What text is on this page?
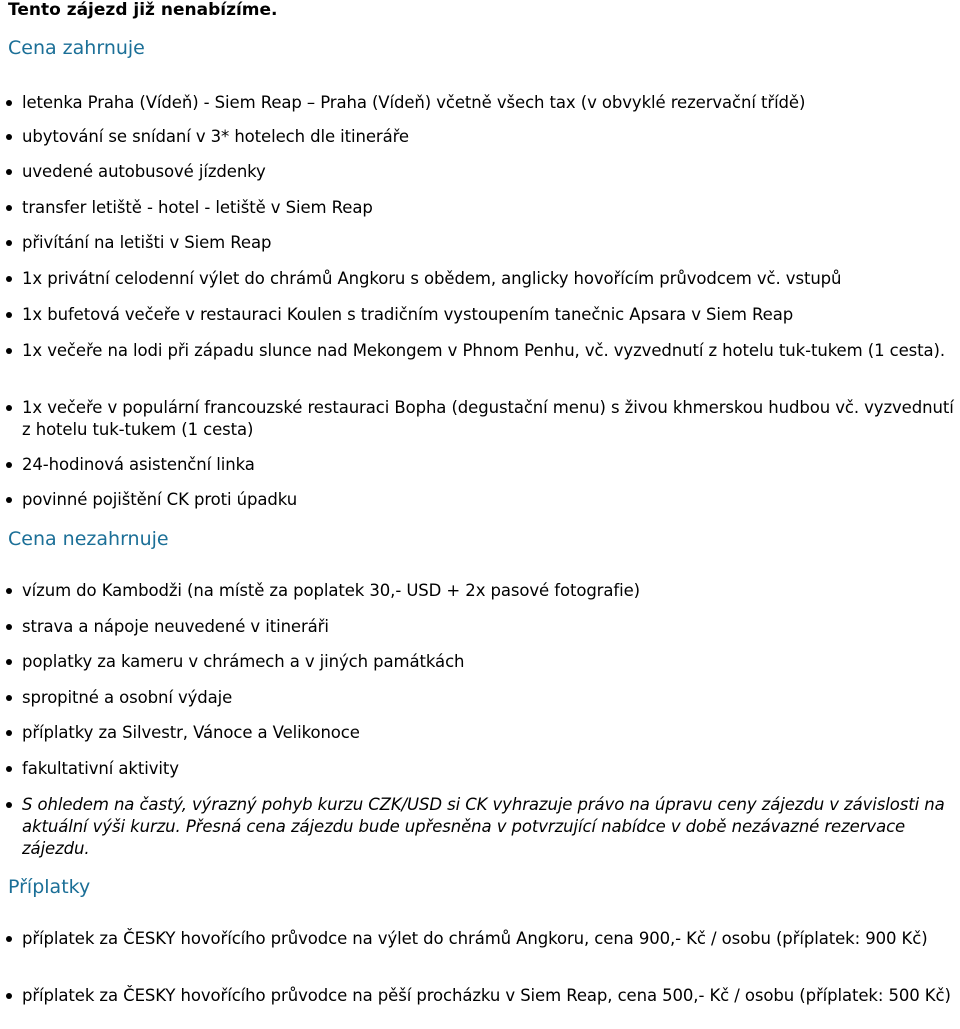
Tento zájezd již nenabízíme.

Cena zahrnuje
letenka Praha (Vídeň) - Siem Reap – Praha (Vídeň) včetně všech tax (v obvyklé rezervační třídě)
ubytování se snídaní v 3* hotelech dle itineráře
uvedené autobusové jízdenky
transfer letiště - hotel - letiště v Siem Reap
přivítání na letišti v Siem Reap
1x privátní celodenní výlet do chrámů Angkoru s obědem, anglicky hovořícím průvodcem vč. vstupů
1x bufetová večeře v restauraci Koulen s tradičním vystoupením tanečnic Apsara v Siem Reap
1x večeře na lodi při západu slunce nad Mekongem v Phnom Penhu, vč. vyzvednutí z hotelu tuk-tukem (1 cesta).
1x večeře v populární francouzské restauraci Bopha (degustační menu) s živou khmerskou hudbou vč. vyzvednutí z hotelu tuk-tukem (1 cesta)
24-hodinová asistenční linka
povinné pojištění CK proti úpadku
Cena nezahrnuje
vízum do Kambodži (na místě za poplatek 30,- USD + 2x pasové fotografie)
strava a nápoje neuvedené v itineráři
poplatky za kameru v chrámech a v jiných památkách
spropitné a osobní výdaje
příplatky za Silvestr, Vánoce a Velikonoce
fakultativní aktivity
S ohledem na častý, výrazný pohyb kurzu CZK/USD si CK vyhrazuje právo na úpravu ceny zájezdu v závislosti na aktuální výši kurzu. Přesná cena zájezdu bude upřesněna v potvrzující nabídce v době nezávazné rezervace zájezdu.
Příplatky
příplatek za ČESKY hovořícího průvodce na výlet do chrámů Angkoru, cena 900,- Kč / osobu (příplatek: 900 Kč)
příplatek za ČESKY hovořícího průvodce na pěší procházku v Siem Reap, cena 500,- Kč / osobu (příplatek: 500 Kč)
